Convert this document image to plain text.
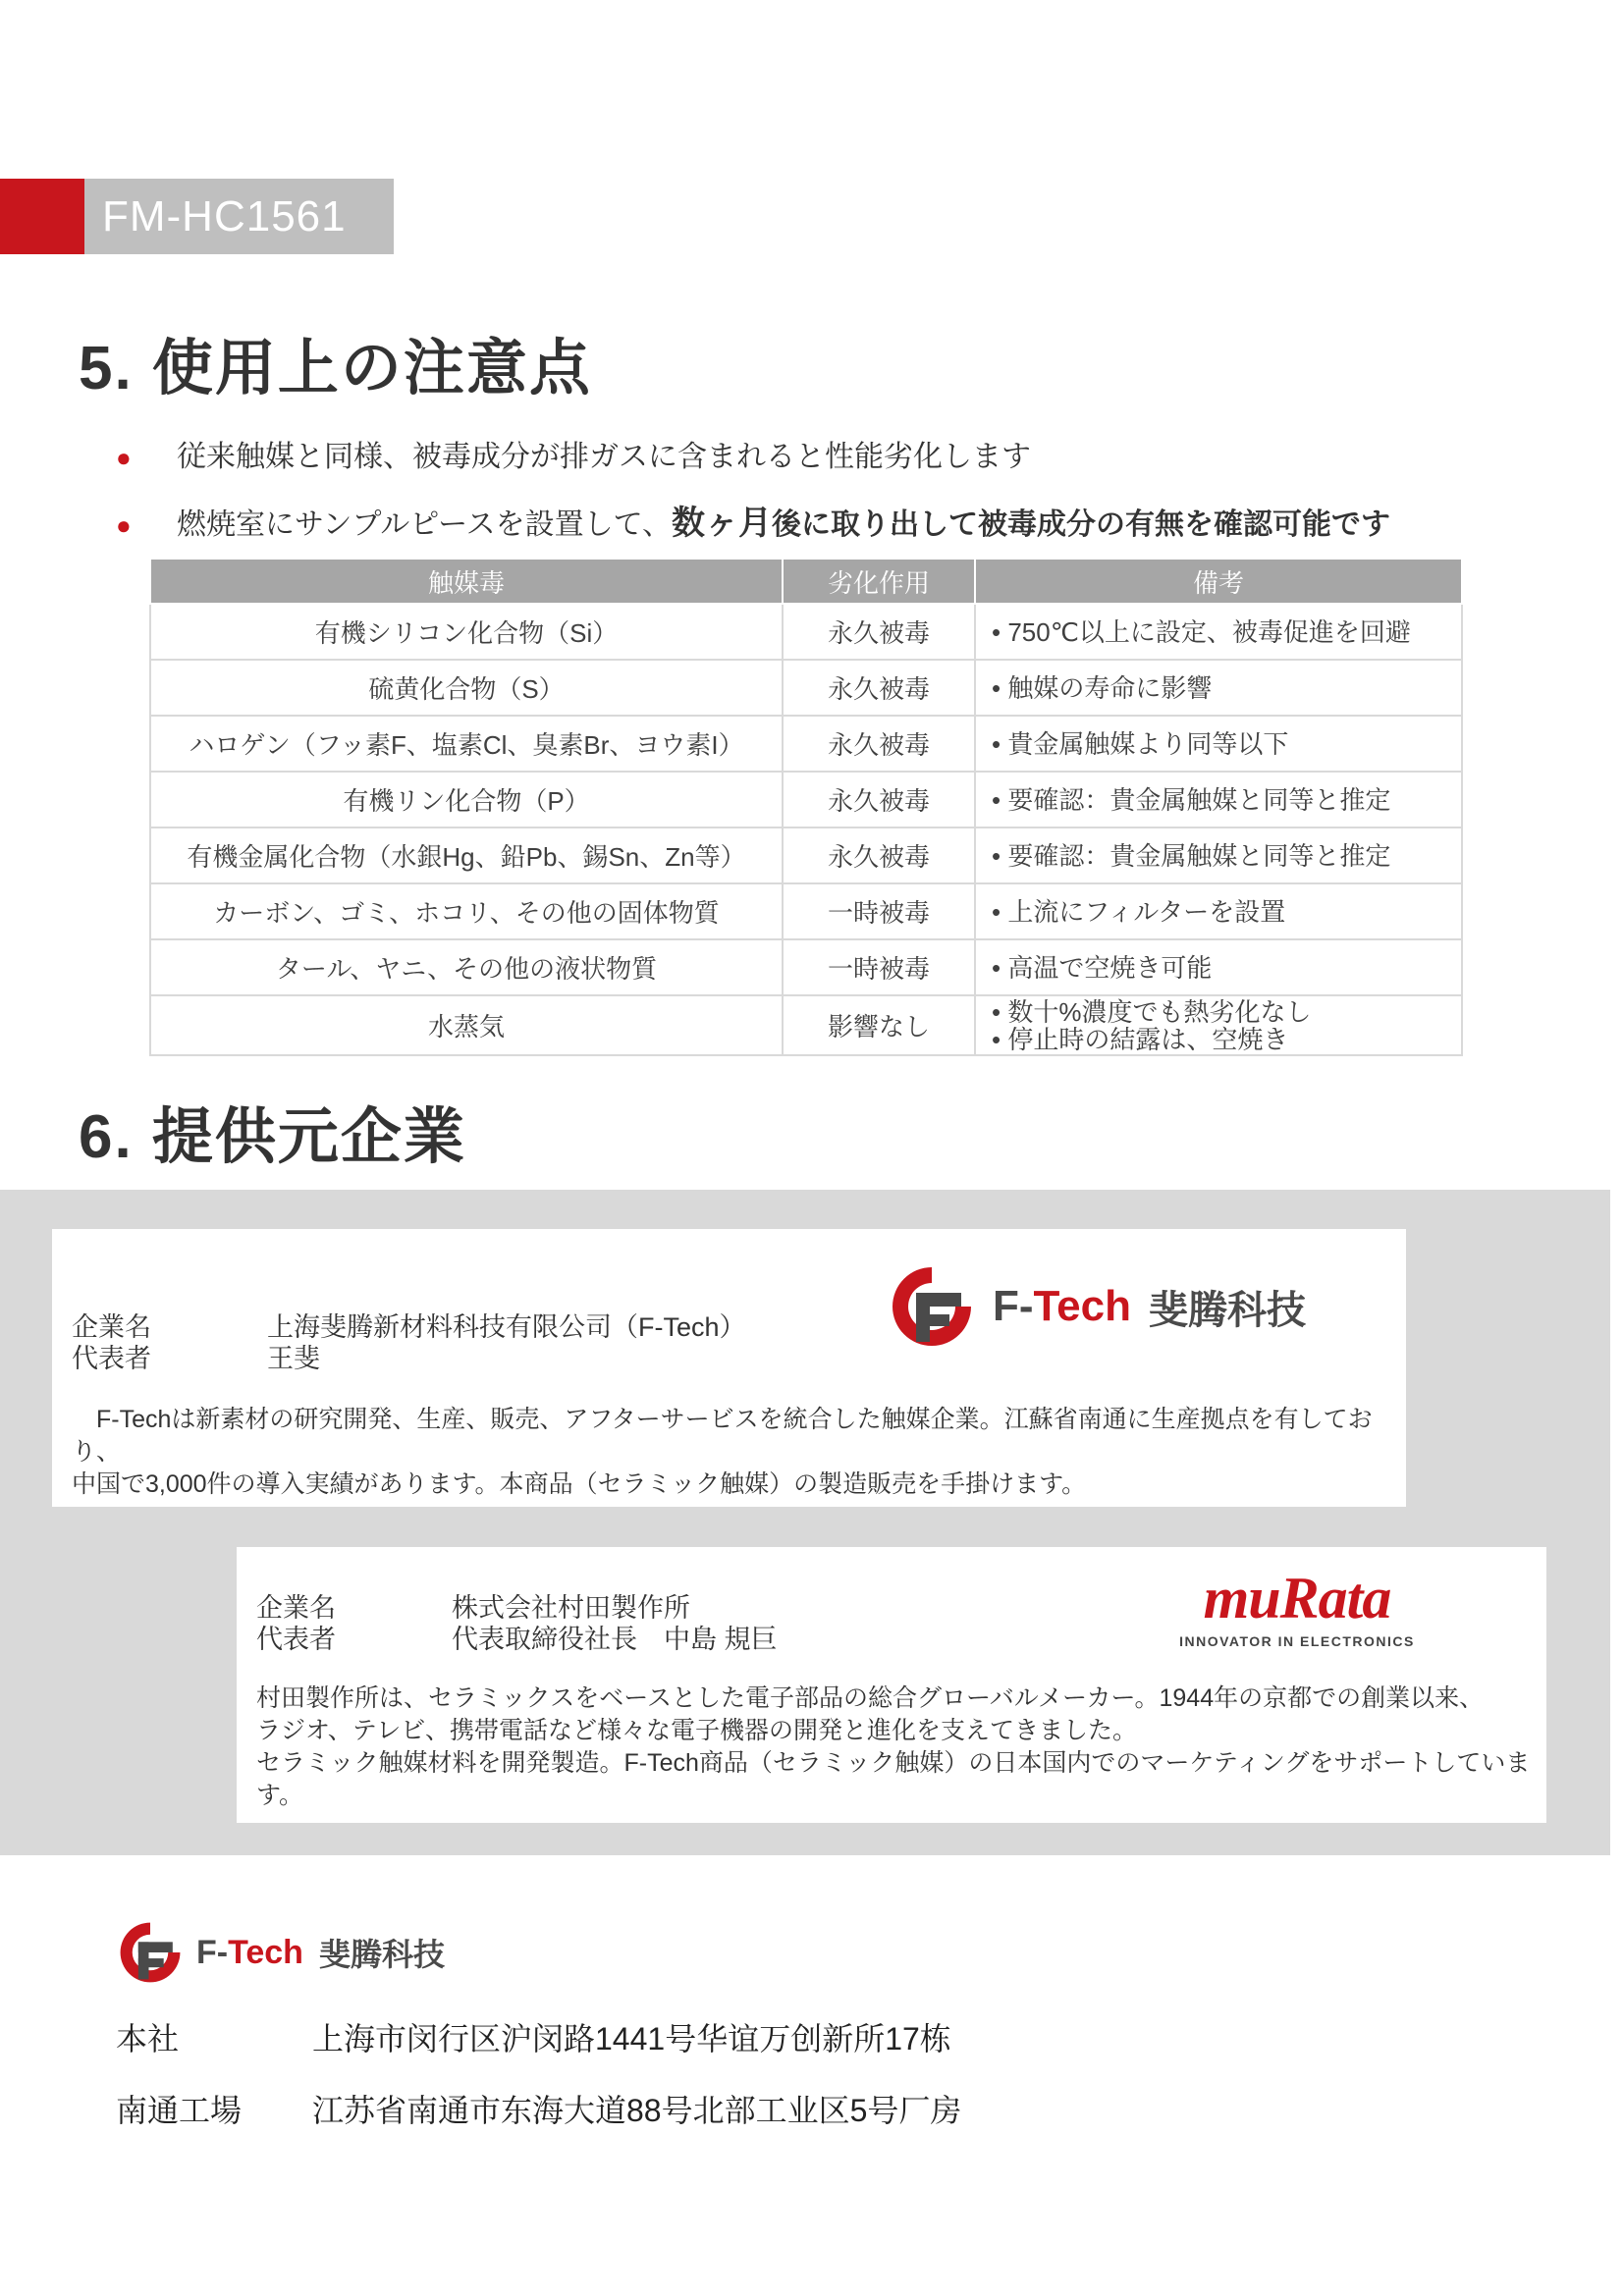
FM-HC1561
5. 使用上の注意点
● 従来触媒と同様、被毒成分が排ガスに含まれると性能劣化します
● 燃焼室にサンプルピースを設置して、数ヶ月後に取り出して被毒成分の有無を確認可能です
触媒毒	劣化作用	備考
有機シリコン化合物（Si）	永久被毒	• 750℃以上に設定、被毒促進を回避

硫黄化合物（S）	永久被毒	• 触媒の寿命に影響

ハロゲン（フッ素F、塩素Cl、臭素Br、ヨウ素I）	永久被毒	• 貴金属触媒より同等以下

有機リン化合物（P）	永久被毒	• 要確認：貴金属触媒と同等と推定

有機金属化合物（水銀Hg、鉛Pb、錫Sn、Zn等）	永久被毒	• 要確認：貴金属触媒と同等と推定

カーボン、ゴミ、ホコリ、その他の固体物質	一時被毒	• 上流にフィルターを設置

タール、ヤニ、その他の液状物質	一時被毒	• 高温で空焼き可能

水蒸気	影響なし	• 数十%濃度でも熱劣化なし
• 停止時の結露は、空焼き
6. 提供元企業
企業名	上海斐腾新材料科技有限公司（F-Tech）
代表者	王斐
F-Tech 斐腾科技
　F-Techは新素材の研究開発、生産、販売、アフターサービスを統合した触媒企業。江蘇省南通に生産拠点を有しており、
中国で3,000件の導入実績があります。本商品（セラミック触媒）の製造販売を手掛けます。
企業名	株式会社村田製作所
代表者	代表取締役社長　中島 規巨
muRata
INNOVATOR IN ELECTRONICS
村田製作所は、セラミックスをベースとした電子部品の総合グローバルメーカー。1944年の京都での創業以来、
ラジオ、テレビ、携帯電話など様々な電子機器の開発と進化を支えてきました。
セラミック触媒材料を開発製造。F-Tech商品（セラミック触媒）の日本国内でのマーケティングをサポートしています。
F-Tech 斐腾科技
本社	上海市闵行区沪闵路1441号华谊万创新所17栋
南通工場 江苏省南通市东海大道88号北部工业区5号厂房
